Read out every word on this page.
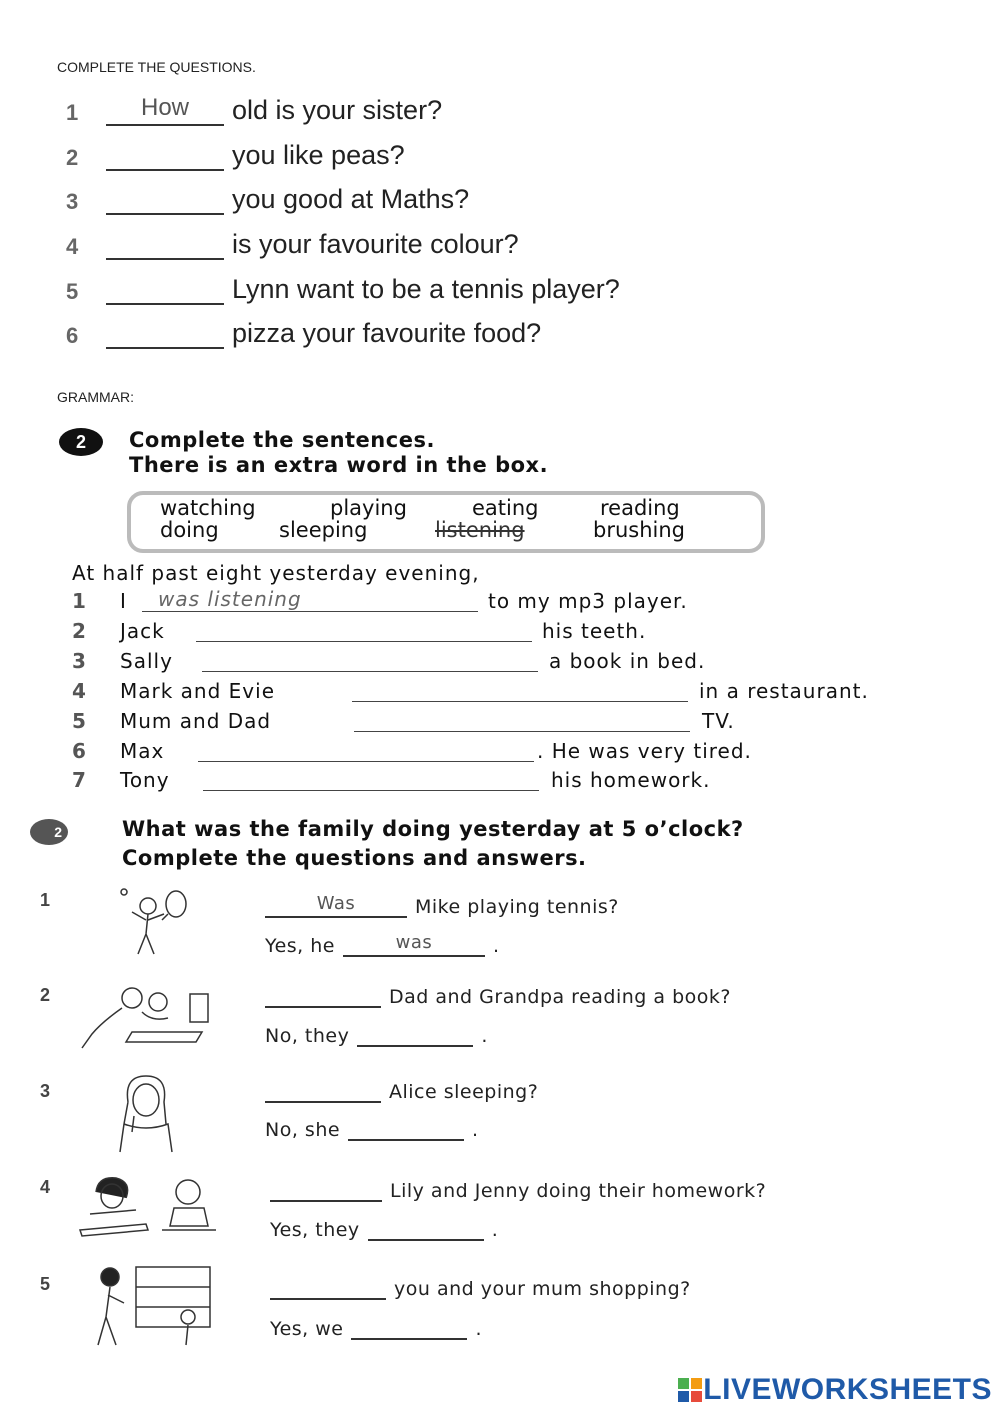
COMPLETE THE QUESTIONS.
1	How	old is your sister?
2	you like peas?
3	you good at Maths?
4	is your favourite colour?
5	Lynn want to be a tennis player?
6	pizza your favourite food?
GRAMMAR:
2	Complete the sentences.
There is an extra word in the box.
watching	playing	eating	reading
doing	sleeping	listening	brushing
At half past eight yesterday evening,
1 I	was listening	to my mp3 player.
2 Jack	his teeth.
3 Sally	a book in bed.
4 Mark and Evie	in a restaurant.
5 Mum and Dad	TV.
6 Max	. He was very tired.
7 Tony	his homework.
2	What was the family doing yesterday at 5 o’clock?
Complete the questions and answers.
1	Was	Mike playing tennis?
Yes, he	was	.
2	Dad and Grandpa reading a book?
No, they	.
3	Alice sleeping?
No, she	.
4	Lily and Jenny doing their homework?
Yes, they	.
5	you and your mum shopping?
Yes, we	.
LIVEWORKSHEETS
